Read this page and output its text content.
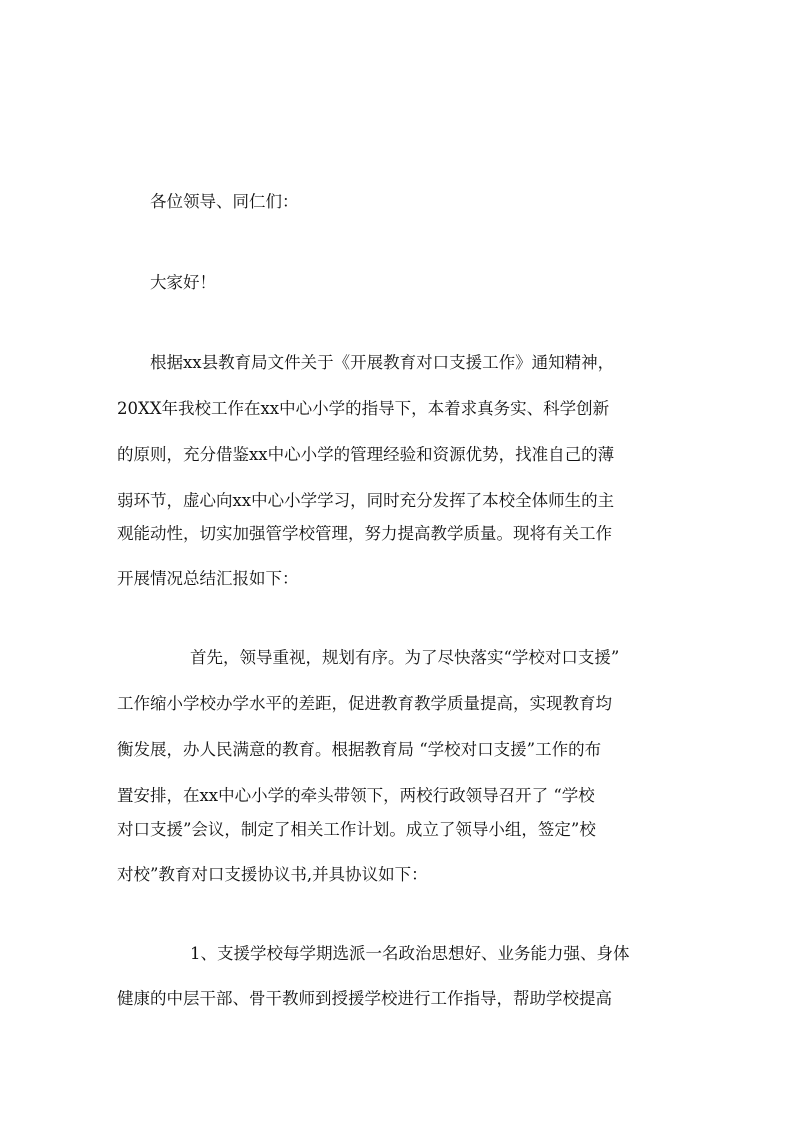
各位领导、同仁们：
大家好！
根据xx县教育局文件关于《开展教育对口支援工作》通知精神，
20XX年我校工作在xx中心小学的指导下，本着求真务实、科学创新
的原则，充分借鉴xx中心小学的管理经验和资源优势，找准自己的薄
弱环节，虚心向xx中心小学学习，同时充分发挥了本校全体师生的主
观能动性，切实加强管学校管理，努力提高教学质量。现将有关工作
开展情况总结汇报如下：
首先，领导重视，规划有序。为了尽快落实“学校对口支援”
工作缩小学校办学水平的差距，促进教育教学质量提高，实现教育均
衡发展，办人民满意的教育。根据教育局 “学校对口支援”工作的布
置安排，在xx中心小学的牵头带领下，两校行政领导召开了 “学校
对口支援”会议，制定了相关工作计划。成立了领导小组，签定”校
对校”教育对口支援协议书,并具协议如下：
1、支援学校每学期选派一名政治思想好、业务能力强、身体
健康的中层干部、骨干教师到授援学校进行工作指导，帮助学校提高
